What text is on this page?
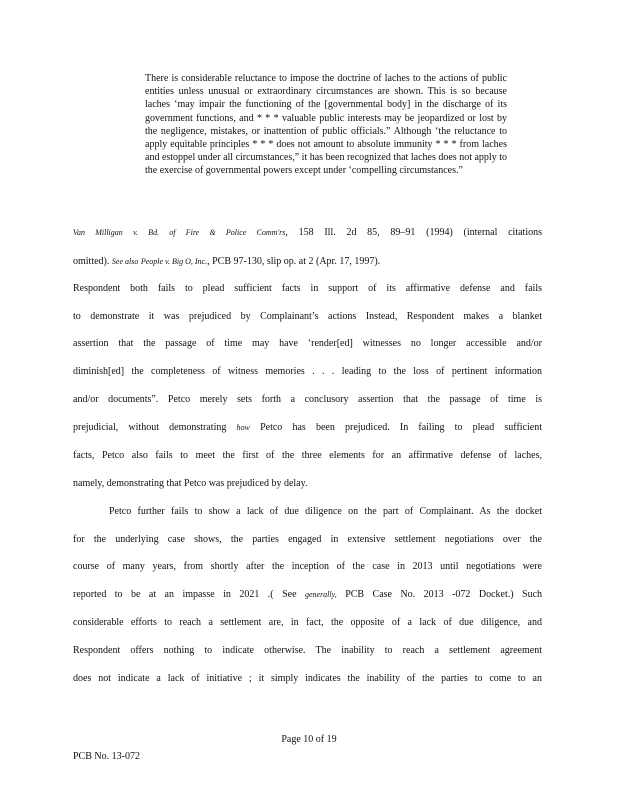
There is considerable reluctance to impose the doctrine of laches to the actions of public entities unless unusual or extraordinary circumstances are shown. This is so because laches ‘may impair the functioning of the [governmental body] in the discharge of its government functions, and * * * valuable public interests may be jeopardized or lost by the negligence, mistakes, or inattention of public officials.” Although ‘the reluctance to apply equitable principles * * * does not amount to absolute immunity * * * from laches and estoppel under all circumstances,” it has been recognized that laches does not apply to the exercise of governmental powers except under ‘compelling circumstances.”

Van Milligan v. Bd. of Fire & Police Comm'rs, 158 Ill. 2d 85, 89–91 (1994) (internal citations
omitted). See also People v. Big O, Inc., PCB 97-130, slip op. at 2 (Apr. 17, 1997).
Respondent both fails to plead sufficient facts in support of its affirmative defense and fails
to demonstrate it was prejudiced by Complainant’s actions Instead, Respondent makes a blanket
assertion that the passage of time may have ‘render[ed] witnesses no longer accessible and/or
diminish[ed] the completeness of witness memories . . . leading to the loss of pertinent information
and/or documents”. Petco merely sets forth a conclusory assertion that the passage of time is
prejudicial, without demonstrating how Petco has been prejudiced. In failing to plead sufficient
facts, Petco also fails to meet the first of the three elements for an affirmative defense of laches,
namely, demonstrating that Petco was prejudiced by delay.
Petco further fails to show a lack of due diligence on the part of Complainant. As the docket
for the underlying case shows, the parties engaged in extensive settlement negotiations over the
course of many years, from shortly after the inception of the case in 2013 until negotiations were
reported to be at an impasse in 2021 .( See generally, PCB Case No. 2013 -072 Docket.) Such
considerable efforts to reach a settlement are, in fact, the opposite of a lack of due diligence, and
Respondent offers nothing to indicate otherwise. The inability to reach a settlement agreement
does not indicate a lack of initiative ; it simply indicates the inability of the parties to come to an
Page 10 of 19
PCB No. 13-072
